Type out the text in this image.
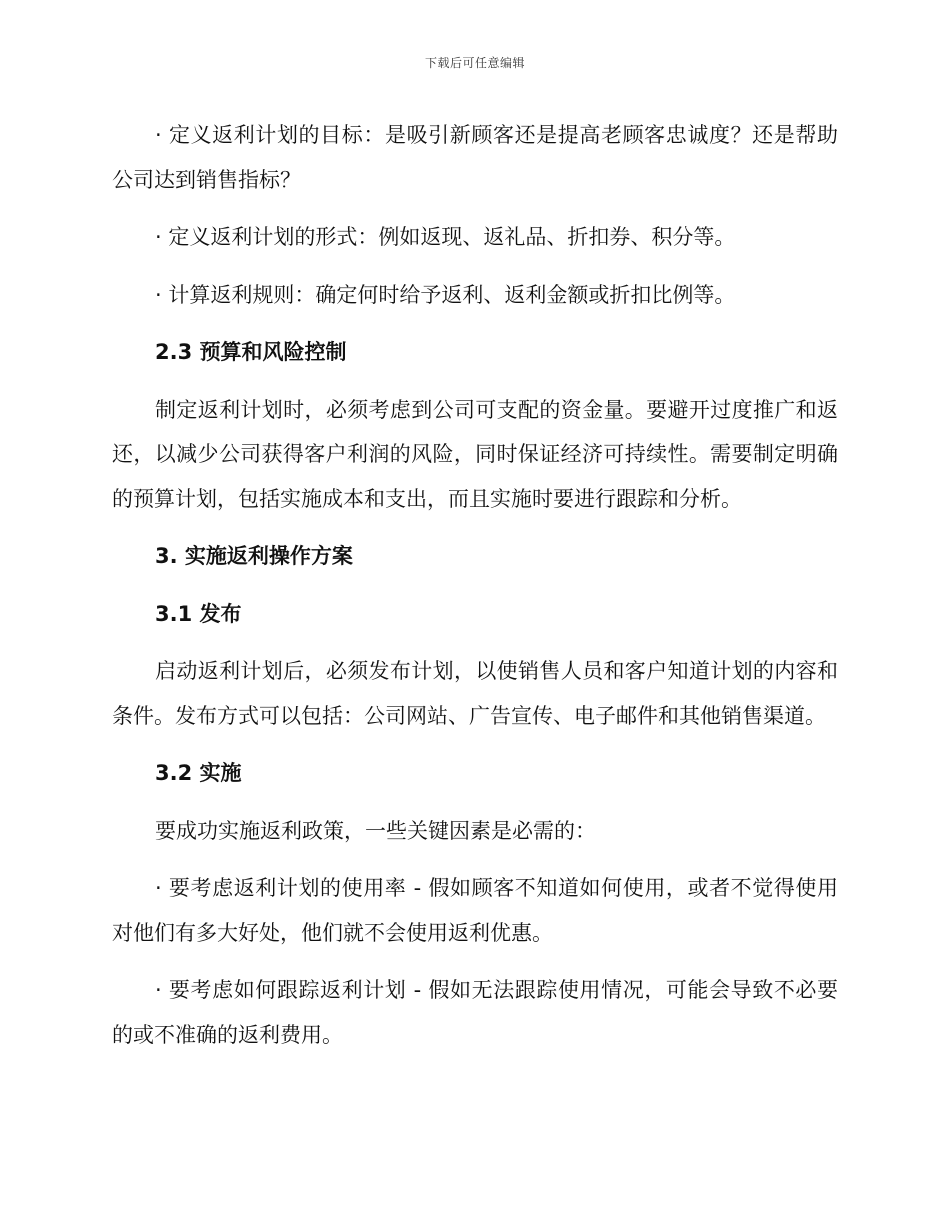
下载后可任意编辑

· 定义返利计划的目标：是吸引新顾客还是提高老顾客忠诚度？还是帮助公司达到销售指标？

· 定义返利计划的形式：例如返现、返礼品、折扣券、积分等。

· 计算返利规则：确定何时给予返利、返利金额或折扣比例等。

2.3 预算和风险控制

制定返利计划时，必须考虑到公司可支配的资金量。要避开过度推广和返还，以减少公司获得客户利润的风险，同时保证经济可持续性。需要制定明确的预算计划，包括实施成本和支出，而且实施时要进行跟踪和分析。

3. 实施返利操作方案
3.1 发布

启动返利计划后，必须发布计划，以使销售人员和客户知道计划的内容和条件。发布方式可以包括：公司网站、广告宣传、电子邮件和其他销售渠道。

3.2 实施

要成功实施返利政策，一些关键因素是必需的：

· 要考虑返利计划的使用率 - 假如顾客不知道如何使用，或者不觉得使用对他们有多大好处，他们就不会使用返利优惠。

· 要考虑如何跟踪返利计划 - 假如无法跟踪使用情况，可能会导致不必要的或不准确的返利费用。
